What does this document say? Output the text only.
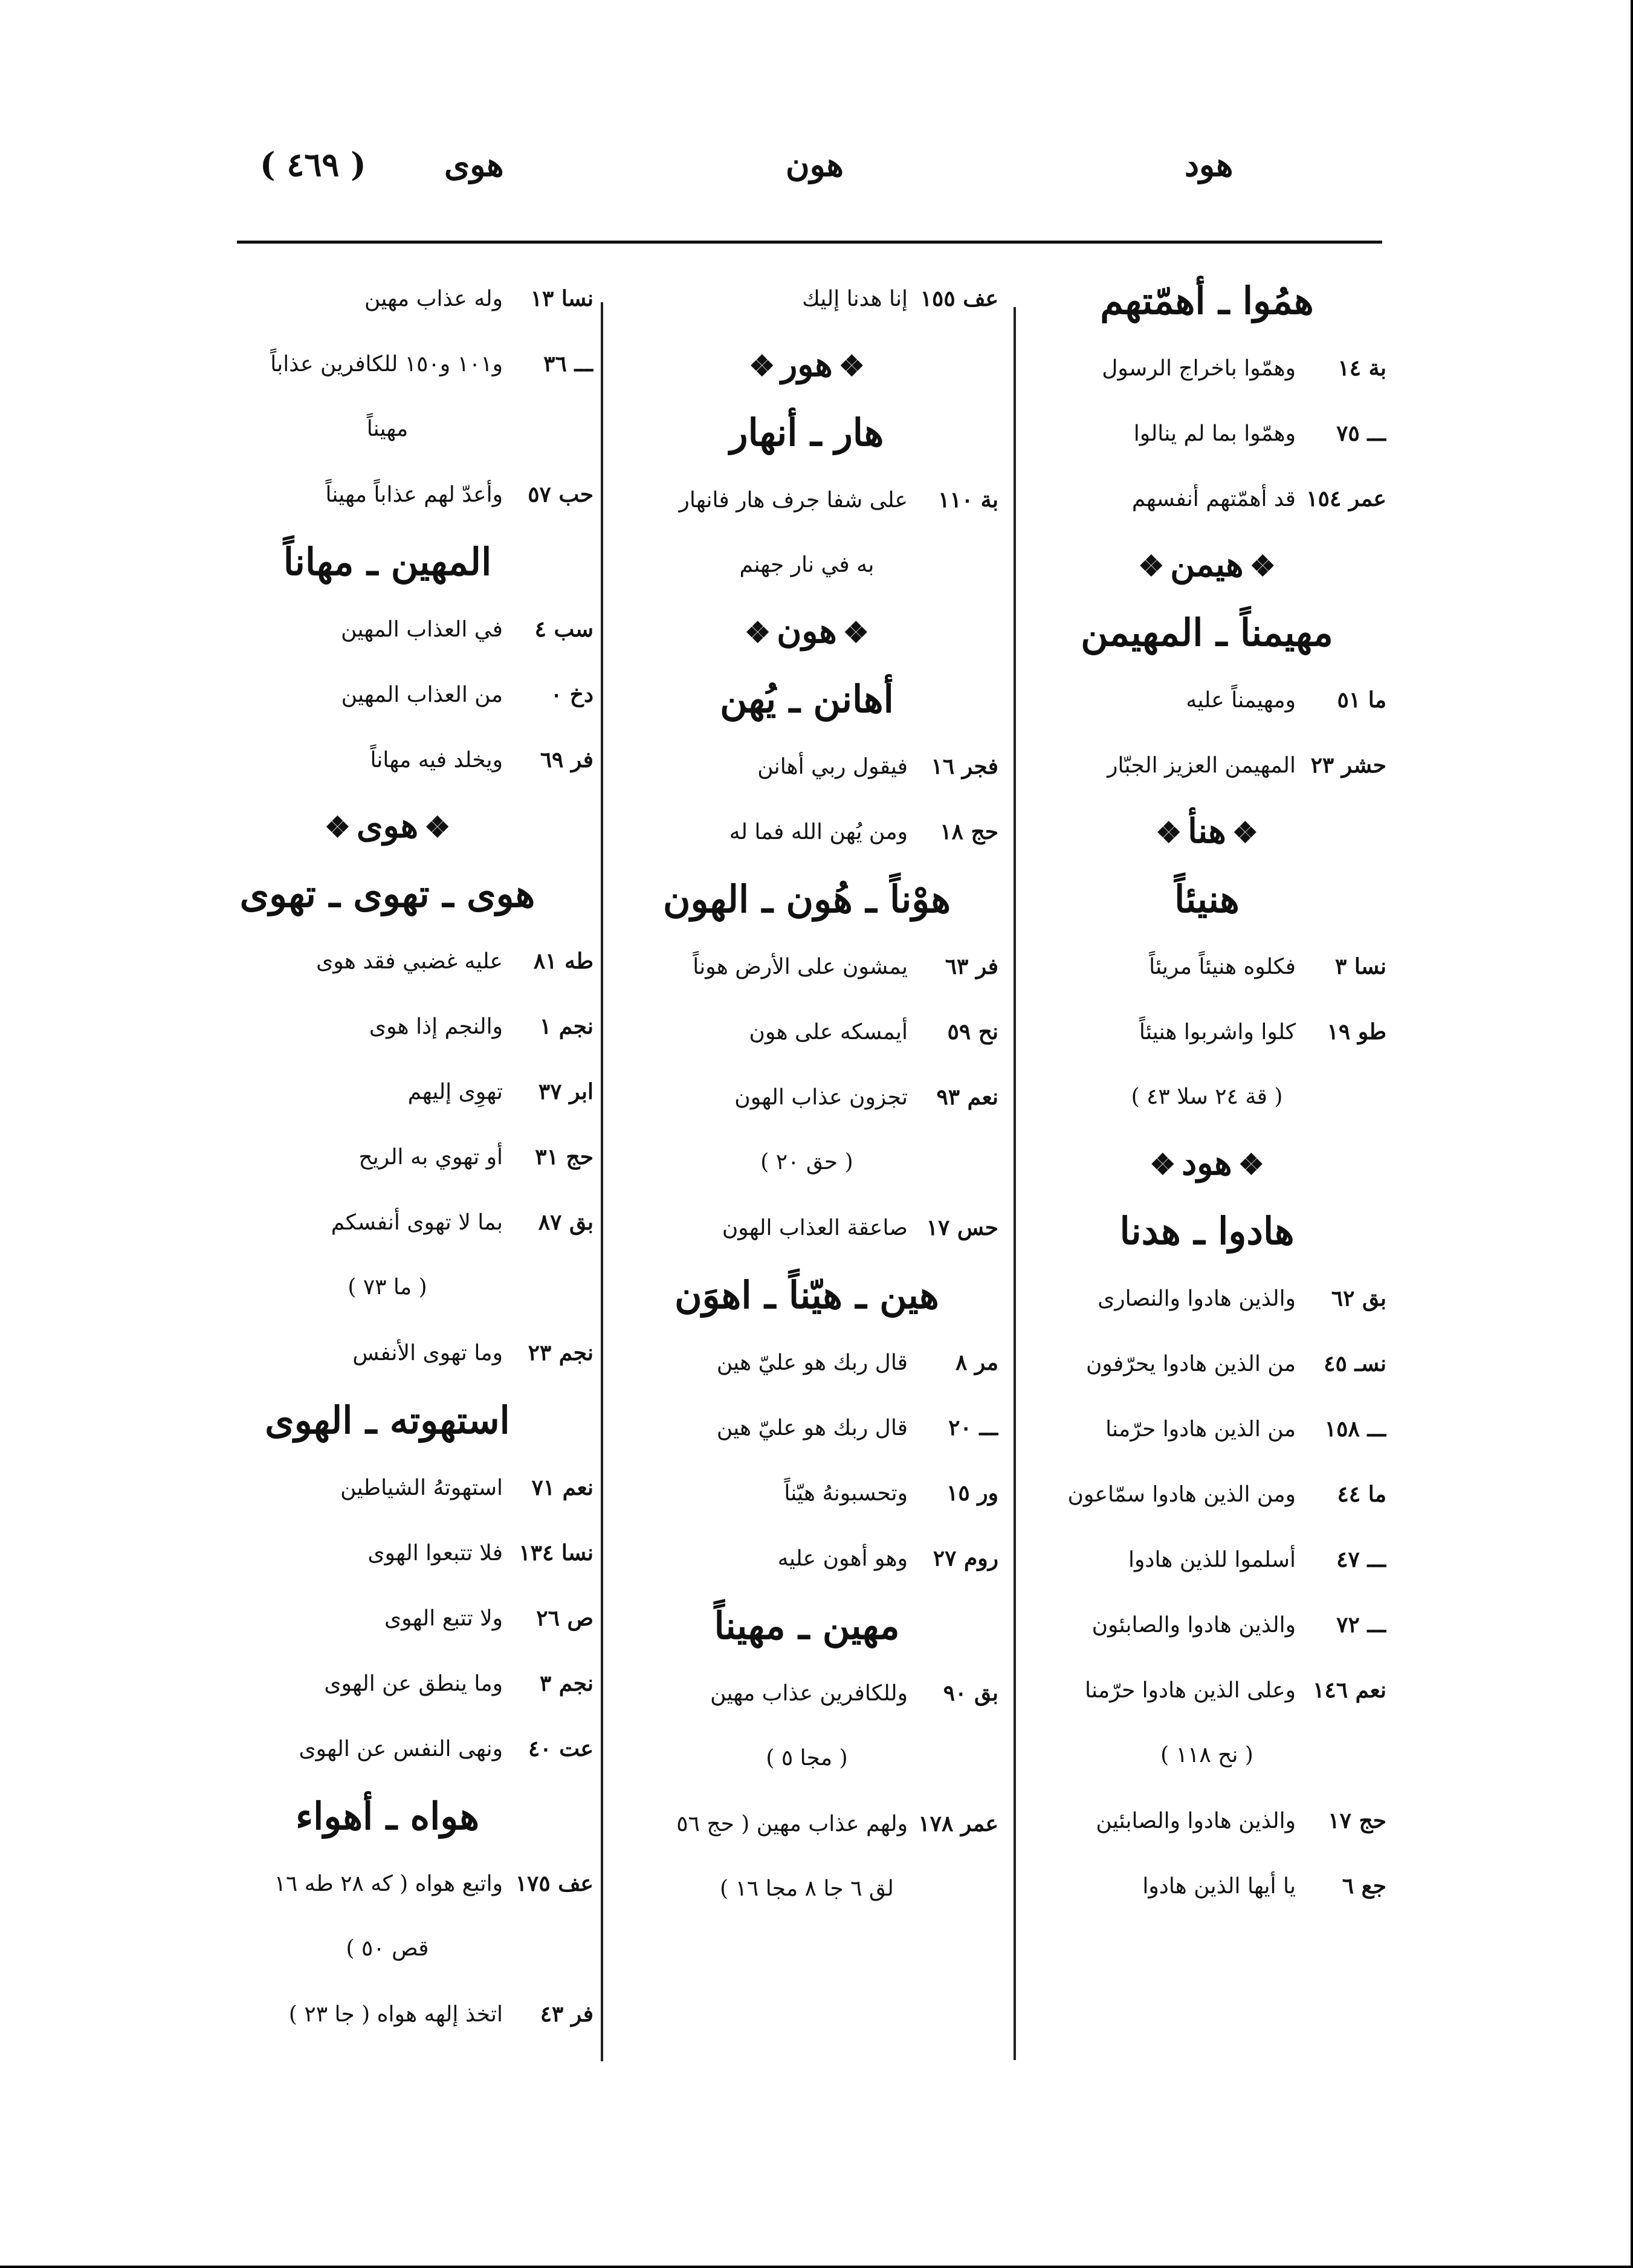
هود
هون
هوى
( ٤٦٩ )
همُوا ـ أهمّتهم
بة ١٤وهمّوا باخراج الرسول
ـــ ٧٥وهمّوا بما لم ينالوا
عمر ١٥٤قد أهمّتهم أنفسهم
❖هيمن❖
مهيمناً ـ المهيمن
ما ٥١ومهيمناً عليه
حشر ٢٣المهيمن العزيز الجبّار
❖هنأ❖
هنيئاً
نسا ٣فكلوه هنيئاً مريئاً
طو ١٩كلوا واشربوا هنيئاً
( قة ٢٤ سلا ٤٣ )
❖هود❖
هادوا ـ هدنا
بق ٦٢والذين هادوا والنصارى
نسـ ٤٥من الذين هادوا يحرّفون
ـــ ١٥٨من الذين هادوا حرّمنا
ما ٤٤ومن الذين هادوا سمّاعون
ـــ ٤٧أسلموا للذين هادوا
ـــ ٧٢والذين هادوا والصابئون
نعم ١٤٦وعلى الذين هادوا حرّمنا
( نح ١١٨ )
حج ١٧والذين هادوا والصابئين
جع ٦يا أيها الذين هادوا
عف ١٥٥إنا هدنا إليك
❖هور❖
هار ـ أنهار
بة ١١٠على شفا جرف هار فانهار
به في نار جهنم
❖هون❖
أهانن ـ يُهن
فجر ١٦فيقول ربي أهانن
حج ١٨ومن يُهن الله فما له
هوْناً ـ هُون ـ الهون
فر ٦٣يمشون على الأرض هوناً
نح ٥٩أيمسكه على هون
نعم ٩٣تجزون عذاب الهون
( حق ٢٠ )
حس ١٧صاعقة العذاب الهون
هين ـ هيّناً ـ اهوَن
مر ٨قال ربك هو عليّ هين
ـــ ٢٠قال ربك هو عليّ هين
ور ١٥وتحسبونهُ هيّناً
روم ٢٧وهو أهون عليه
مهين ـ مهيناً
بق ٩٠وللكافرين عذاب مهين
( مجا ٥ )
عمر ١٧٨ولهم عذاب مهين ( حج ٥٦
لق ٦ جا ٨ مجا ١٦ )
نسا ١٣وله عذاب مهين
ـــ ٣٦و١٠١ و١٥٠ للكافرين عذاباً
مهيناً
حب ٥٧وأعدّ لهم عذاباً مهيناً
المهين ـ مهاناً
سب ٤في العذاب المهين
دخ ٠من العذاب المهين
فر ٦٩ويخلد فيه مهاناً
❖هوى❖
هوى ـ تهوى ـ تهوى
طه ٨١عليه غضبي فقد هوى
نجم ١والنجم إذا هوى
ابر ٣٧تهوِى إليهم
حج ٣١أو تهوي به الريح
بق ٨٧بما لا تهوى أنفسكم
( ما ٧٣ )
نجم ٢٣وما تهوى الأنفس
استهوته ـ الهوى
نعم ٧١استهوتهُ الشياطين
نسا ١٣٤فلا تتبعوا الهوى
ص ٢٦ولا تتبع الهوى
نجم ٣وما ينطق عن الهوى
عت ٤٠ونهى النفس عن الهوى
هواه ـ أهواء
عف ١٧٥واتبع هواه ( كه ٢٨ طه ١٦
قص ٥٠ )
فر ٤٣اتخذ إلهه هواه ( جا ٢٣ )
